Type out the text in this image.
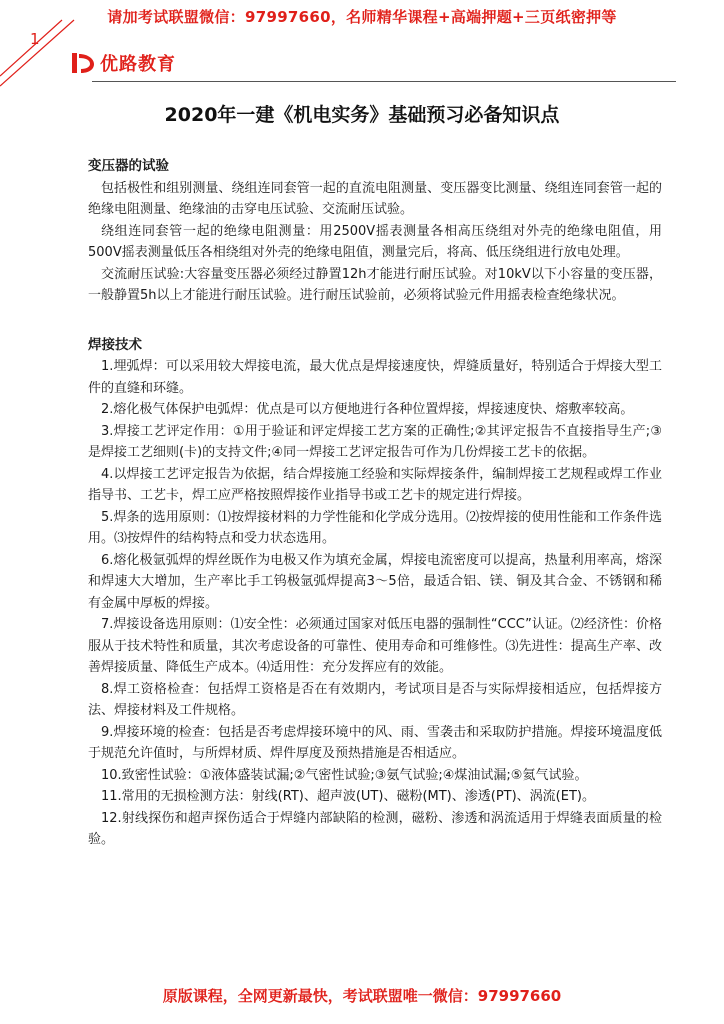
请加考试联盟微信：97997660，名师精华课程+高端押题+三页纸密押等
1
优路教育
2020年一建《机电实务》基础预习必备知识点

变压器的试验

包括极性和组别测量、绕组连同套管一起的直流电阻测量、变压器变比测量、绕组连同套管一起的绝缘电阻测量、绝缘油的击穿电压试验、交流耐压试验。

绕组连同套管一起的绝缘电阻测量：用2500V摇表测量各相高压绕组对外壳的绝缘电阻值，用500V摇表测量低压各相绕组对外壳的绝缘电阻值，测量完后，将高、低压绕组进行放电处理。

交流耐压试验:大容量变压器必须经过静置12h才能进行耐压试验。对10kV以下小容量的变压器，一般静置5h以上才能进行耐压试验。进行耐压试验前，必须将试验元件用摇表检查绝缘状况。

焊接技术

1.埋弧焊：可以采用较大焊接电流，最大优点是焊接速度快，焊缝质量好，特别适合于焊接大型工件的直缝和环缝。

2.熔化极气体保护电弧焊：优点是可以方便地进行各种位置焊接，焊接速度快、熔敷率较高。

3.焊接工艺评定作用：①用于验证和评定焊接工艺方案的正确性;②其评定报告不直接指导生产;③是焊接工艺细则(卡)的支持文件;④同一焊接工艺评定报告可作为几份焊接工艺卡的依据。

4.以焊接工艺评定报告为依据，结合焊接施工经验和实际焊接条件，编制焊接工艺规程或焊工作业指导书、工艺卡，焊工应严格按照焊接作业指导书或工艺卡的规定进行焊接。

5.焊条的选用原则：⑴按焊接材料的力学性能和化学成分选用。⑵按焊接的使用性能和工作条件选用。⑶按焊件的结构特点和受力状态选用。

6.熔化极氩弧焊的焊丝既作为电极又作为填充金属，焊接电流密度可以提高，热量利用率高，熔深和焊速大大增加，生产率比手工钨极氩弧焊提高3～5倍，最适合铝、镁、铜及其合金、不锈钢和稀有金属中厚板的焊接。

7.焊接设备选用原则：⑴安全性：必须通过国家对低压电器的强制性“CCC”认证。⑵经济性：价格服从于技术特性和质量，其次考虑设备的可靠性、使用寿命和可维修性。⑶先进性：提高生产率、改善焊接质量、降低生产成本。⑷适用性：充分发挥应有的效能。

8.焊工资格检查：包括焊工资格是否在有效期内，考试项目是否与实际焊接相适应，包括焊接方法、焊接材料及工件规格。

9.焊接环境的检查：包括是否考虑焊接环境中的风、雨、雪袭击和采取防护措施。焊接环境温度低于规范允许值时，与所焊材质、焊件厚度及预热措施是否相适应。

10.致密性试验：①液体盛装试漏;②气密性试验;③氨气试验;④煤油试漏;⑤氦气试验。

11.常用的无损检测方法：射线(RT)、超声波(UT)、磁粉(MT)、渗透(PT)、涡流(ET)。

12.射线探伤和超声探伤适合于焊缝内部缺陷的检测，磁粉、渗透和涡流适用于焊缝表面质量的检验。

原版课程，全网更新最快，考试联盟唯一微信：97997660
